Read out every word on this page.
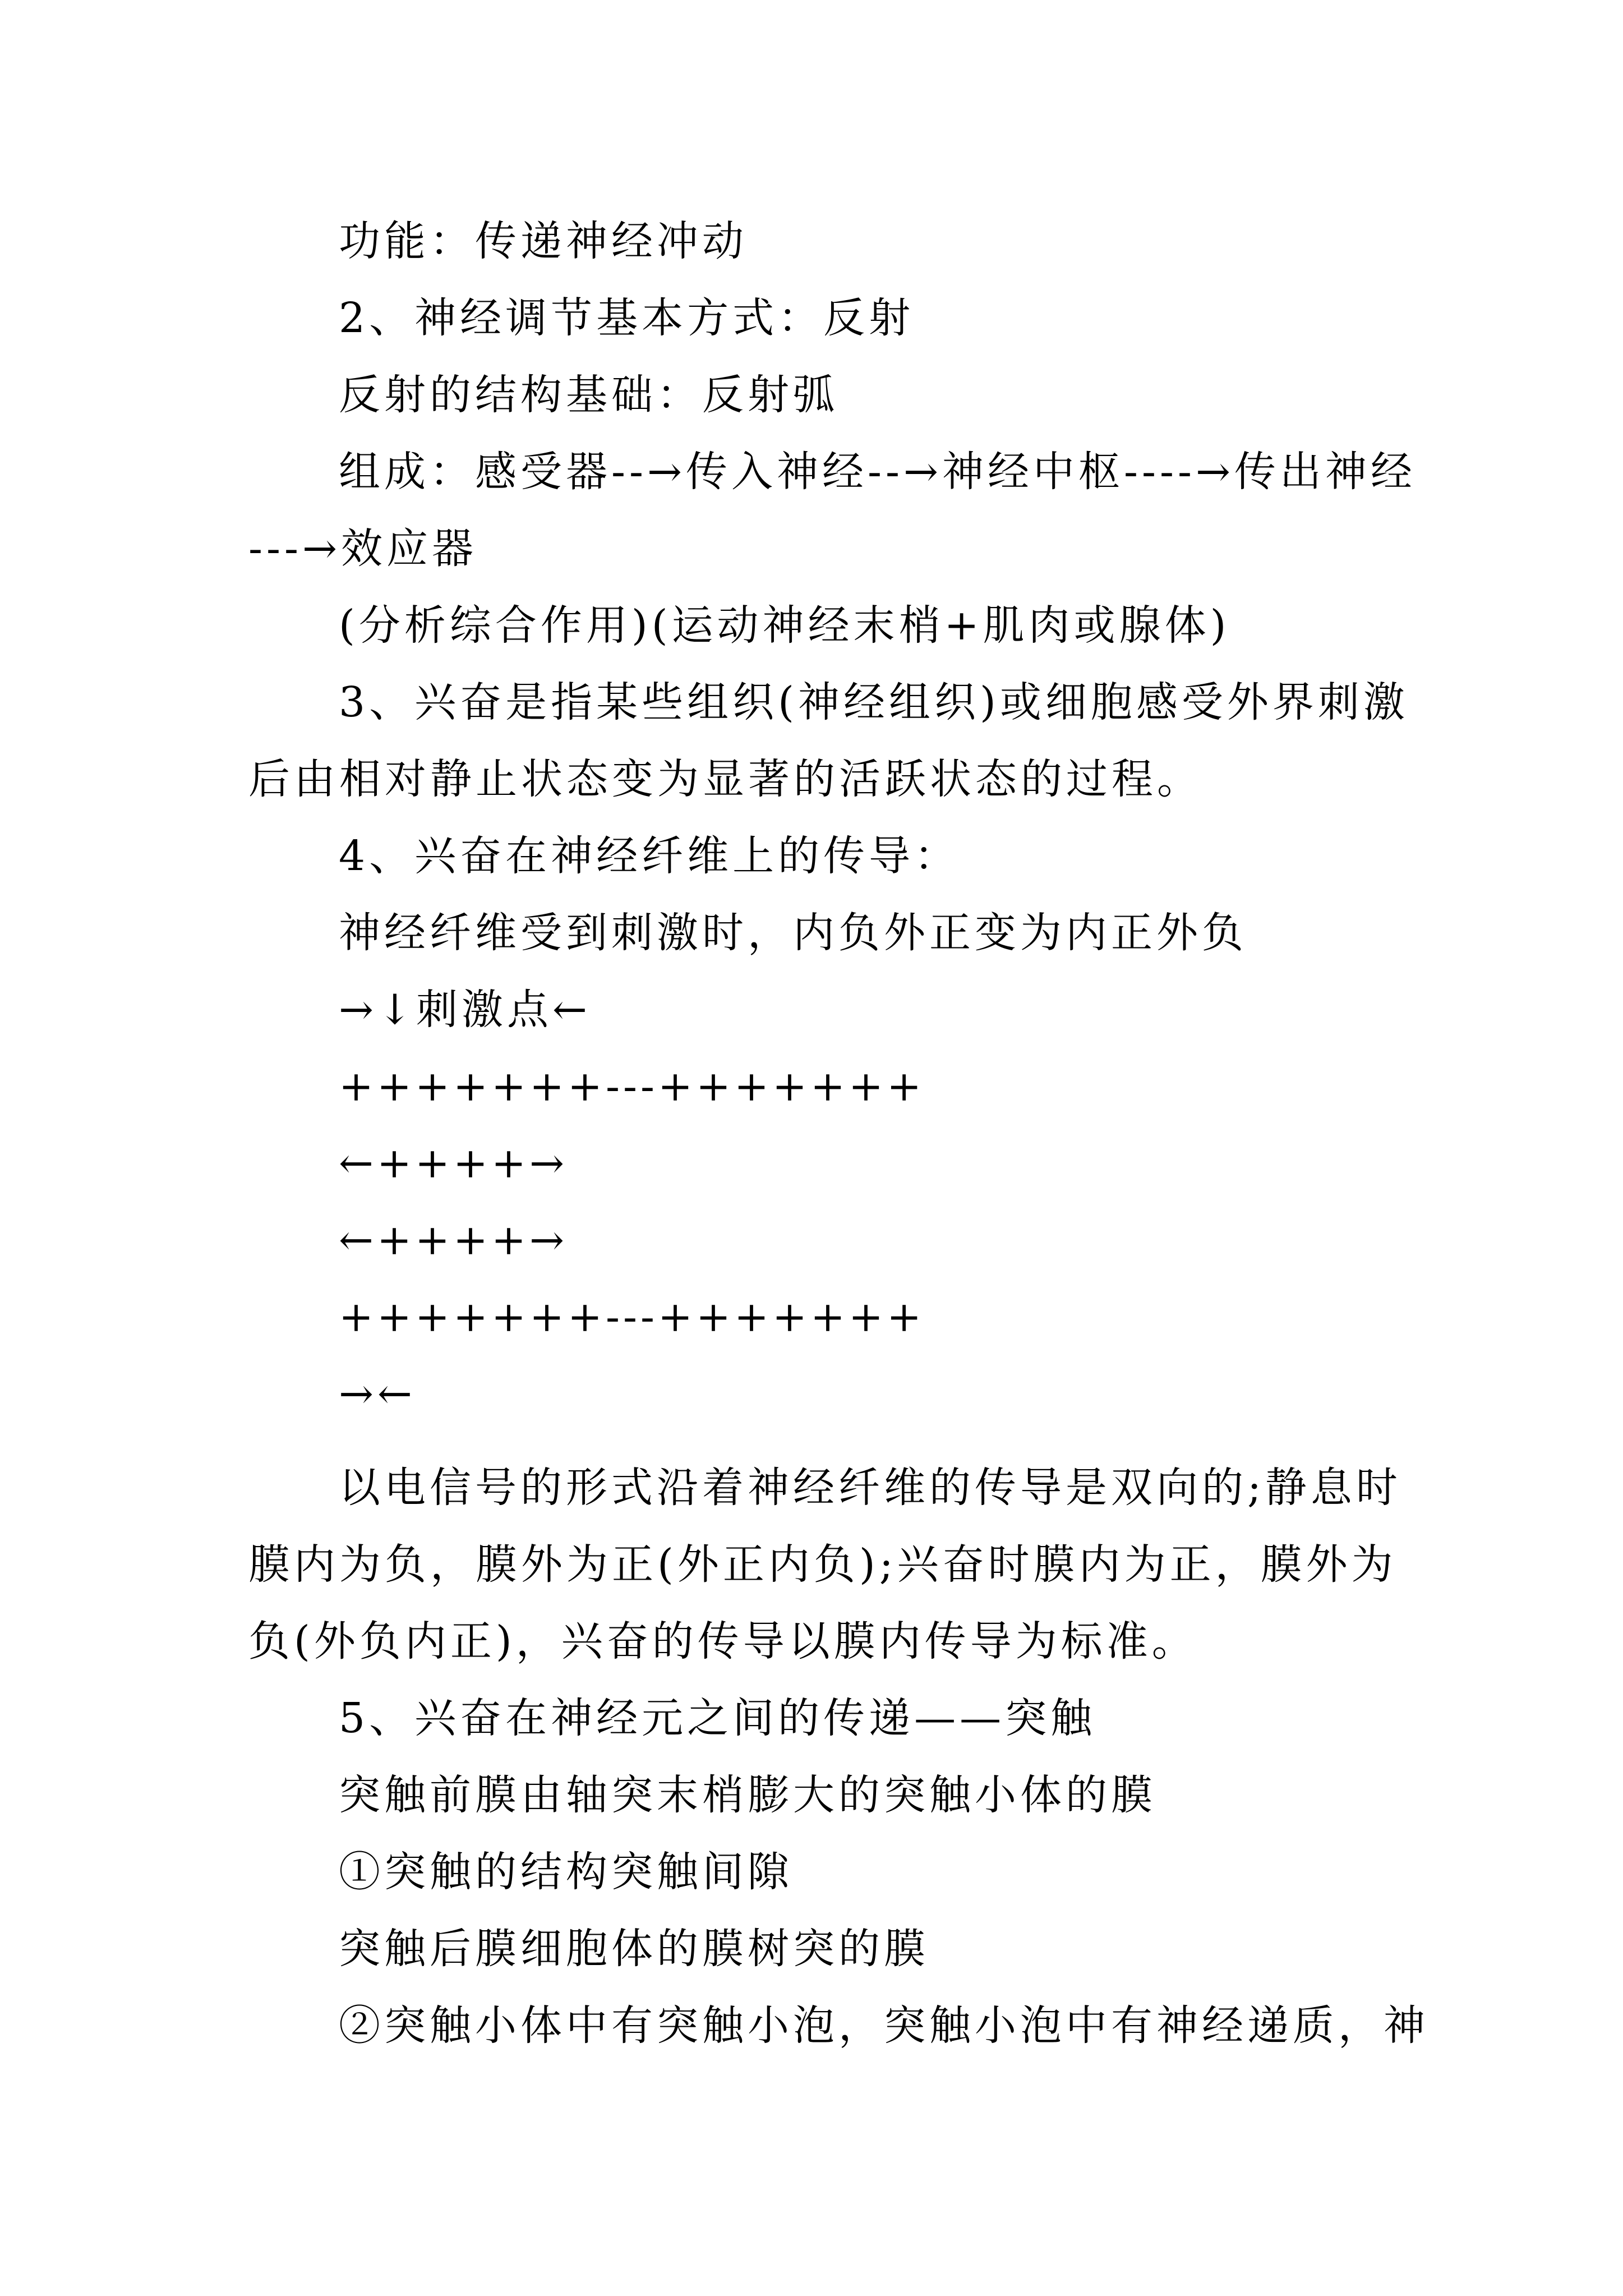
功能：传递神经冲动
2、神经调节基本方式：反射
反射的结构基础：反射弧
组成：感受器--→传入神经--→神经中枢----→传出神经
---→效应器
(分析综合作用)(运动神经末梢+肌肉或腺体)
3、兴奋是指某些组织(神经组织)或细胞感受外界刺激
后由相对静止状态变为显著的活跃状态的过程。
4、兴奋在神经纤维上的传导：
神经纤维受到刺激时，内负外正变为内正外负
→↓刺激点←
+++++++---+++++++
←++++→
←++++→
+++++++---+++++++
→←
以电信号的形式沿着神经纤维的传导是双向的;静息时
膜内为负，膜外为正(外正内负);兴奋时膜内为正，膜外为
负(外负内正)，兴奋的传导以膜内传导为标准。
5、兴奋在神经元之间的传递——突触
突触前膜由轴突末梢膨大的突触小体的膜
①突触的结构突触间隙
突触后膜细胞体的膜树突的膜
②突触小体中有突触小泡，突触小泡中有神经递质，神
